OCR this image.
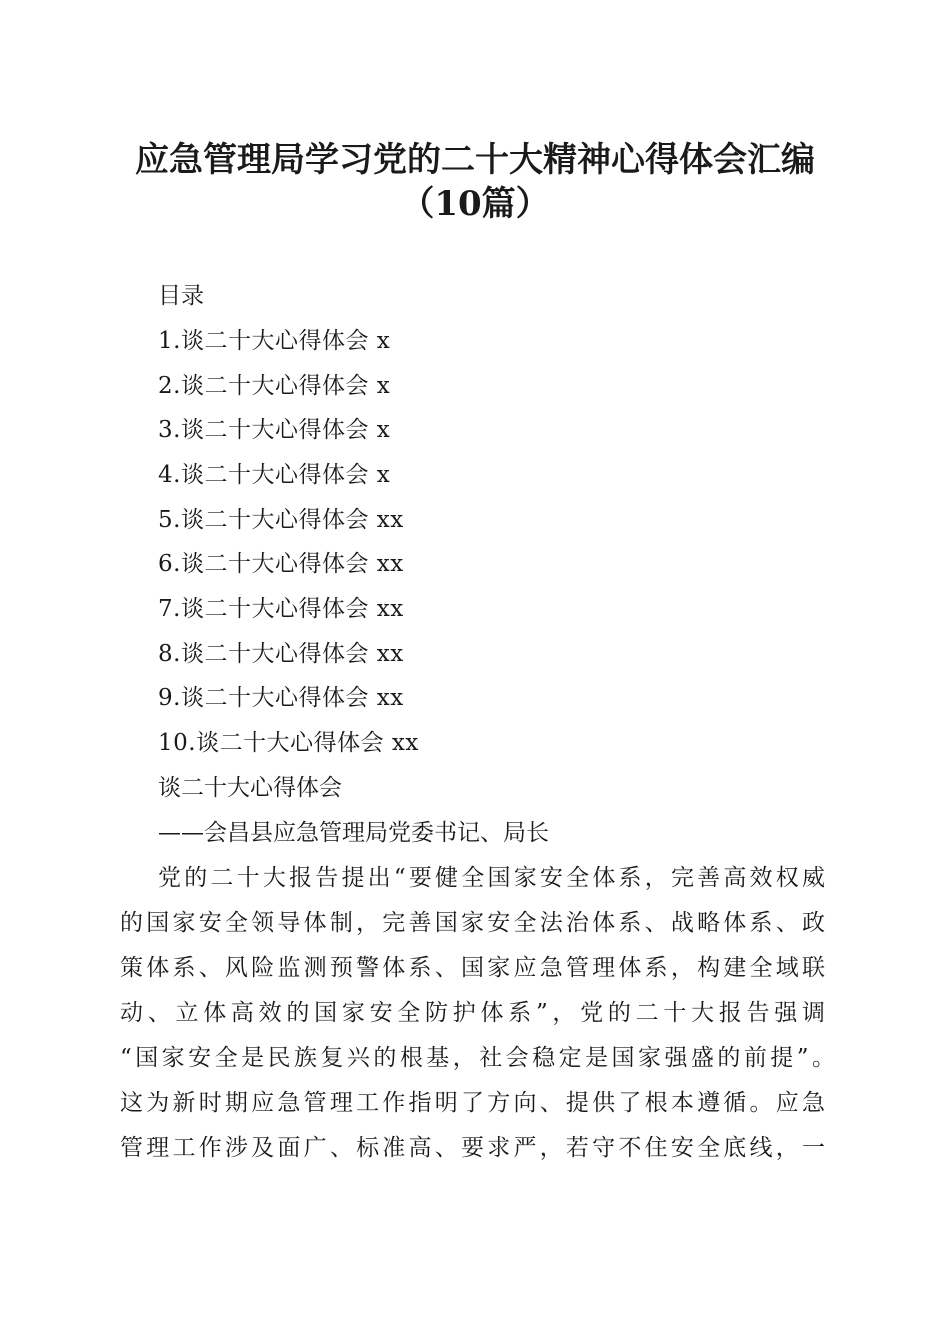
应急管理局学习党的二十大精神心得体会汇编
（10篇）

目录

1.谈二十大心得体会 x

2.谈二十大心得体会 x

3.谈二十大心得体会 x

4.谈二十大心得体会 x

5.谈二十大心得体会 xx

6.谈二十大心得体会 xx

7.谈二十大心得体会 xx

8.谈二十大心得体会 xx

9.谈二十大心得体会 xx

10.谈二十大心得体会 xx

谈二十大心得体会

——会昌县应急管理局党委书记、局长

党的二十大报告提出“要健全国家安全体系，完善高效权威

的国家安全领导体制，完善国家安全法治体系、战略体系、政

策体系、风险监测预警体系、国家应急管理体系，构建全域联

动、立体高效的国家安全防护体系”，党的二十大报告强调

“国家安全是民族复兴的根基，社会稳定是国家强盛的前提”。

这为新时期应急管理工作指明了方向、提供了根本遵循。应急

管理工作涉及面广、标准高、要求严，若守不住安全底线，一
